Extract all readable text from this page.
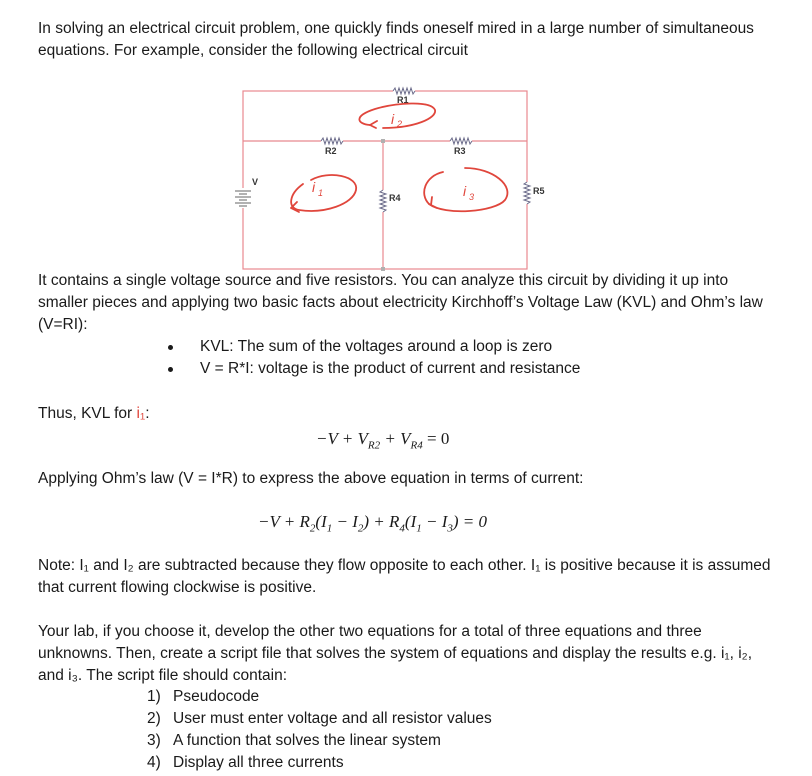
In solving an electrical circuit problem, one quickly finds oneself mired in a large number of simultaneous equations. For example, consider the following electrical circuit
R1
R2	R3
R4
R5
V
i 2
i 1	i 3
It contains a single voltage source and five resistors. You can analyze this circuit by dividing it up into smaller pieces and applying two basic facts about electricity Kirchhoff’s Voltage Law (KVL) and Ohm’s law (V=RI):
KVL: The sum of the voltages around a loop is zero
V = R*I: voltage is the product of current and resistance
Thus, KVL for i₁:
$-V + V_{R2} + V_{R4} = 0$
Applying Ohm’s law (V = I*R) to express the above equation in terms of current:
$-V + R_2(I_1 - I_2) + R_4(I_1 - I_3) = 0$
Note: I₁ and I₂ are subtracted because they flow opposite to each other. I₁ is positive because it is assumed that current flowing clockwise is positive.
Your lab, if you choose it, develop the other two equations for a total of three equations and three unknowns. Then, create a script file that solves the system of equations and display the results e.g. i₁, i₂, and i₃. The script file should contain:
1) Pseudocode
2) User must enter voltage and all resistor values
3) A function that solves the linear system
4) Display all three currents
